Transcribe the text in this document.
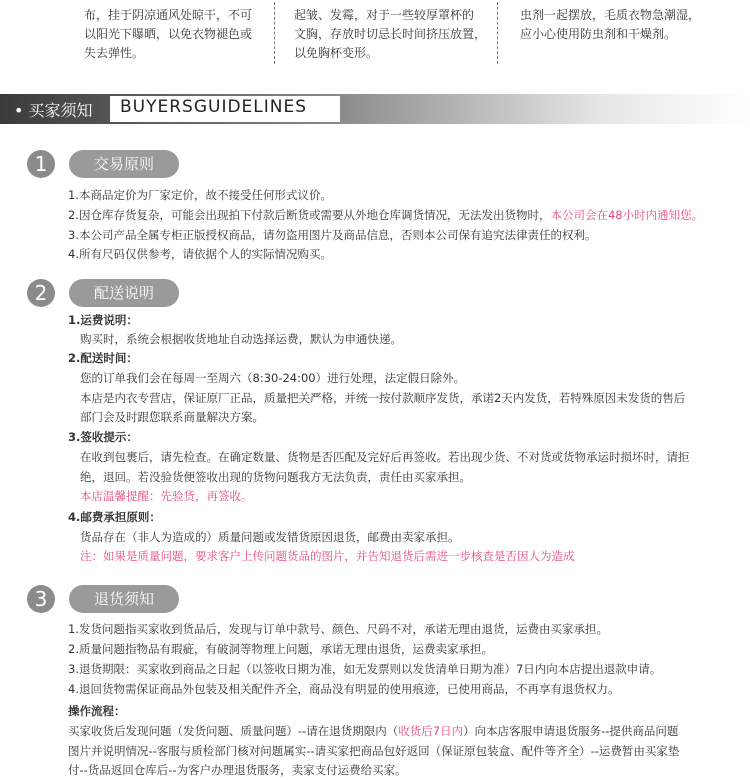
布，挂于阴凉通风处晾干，不可
以阳光下曝晒，以免衣物褪色或
失去弹性。
起皱、发霉，对于一些较厚罩杯的
文胸，存放时切忌长时间挤压放置，
以免胸杯变形。
虫剂一起摆放，毛质衣物急潮湿，
应小心使用防虫剂和干燥剂。
• 买家须知 BUYERSGUIDELINES
1	交易原则
1.本商品定价为厂家定价，故不接受任何形式议价。
2.因仓库存货复杂，可能会出现拍下付款后断货或需要从外地仓库调货情况，无法发出货物时，本公司会在48小时内通知您。
3.本公司产品全属专柜正版授权商品，请勿盗用图片及商品信息，否则本公司保有追究法律责任的权利。
4.所有尺码仅供参考，请依据个人的实际情况购买。
2	配送说明
1.运费说明：
购买时，系统会根据收货地址自动选择运费，默认为申通快递。
2.配送时间：
您的订单我们会在每周一至周六（8:30-24:00）进行处理，法定假日除外。
本店是内衣专营店，保证原厂正品，质量把关严格，并统一按付款顺序发货，承诺2天内发货，若特殊原因未发货的售后
部门会及时跟您联系商量解决方案。
3.签收提示：
在收到包裹后，请先检查。在确定数量、货物是否匹配及完好后再签收。若出现少货、不对货或货物承运时损坏时，请拒
绝，退回。若没验货便签收出现的货物问题我方无法负责，责任由买家承担。
本店温馨提醒：先验货，再签收。
4.邮费承担原则：
货品存在（非人为造成的）质量问题或发错货原因退货，邮费由卖家承担。
注：如果是质量问题，要求客户上传问题货品的图片，并告知退货后需进一步核查是否因人为造成
3	退货须知
1.发货问题指买家收到货品后，发现与订单中款号、颜色、尺码不对，承诺无理由退货，运费由买家承担。
2.质量问题指物品有瑕疵，有破洞等物理上问题，承诺无理由退货，运费卖家承担。
3.退货期限：买家收到商品之日起（以签收日期为准，如无发票则以发货清单日期为准）7日内向本店提出退款申请。
4.退回货物需保证商品外包装及相关配件齐全，商品没有明显的使用痕迹，已使用商品，不再享有退货权力。
操作流程：
买家收货后发现问题（发货问题、质量问题）--请在退货期限内（收货后7日内）向本店客服申请退货服务--提供商品问题
图片并说明情况--客服与质检部门核对问题属实--请买家把商品包好返回（保证原包装盒、配件等齐全）--运费暂由买家垫
付--货品返回仓库后--为客户办理退货服务，卖家支付运费给买家。
